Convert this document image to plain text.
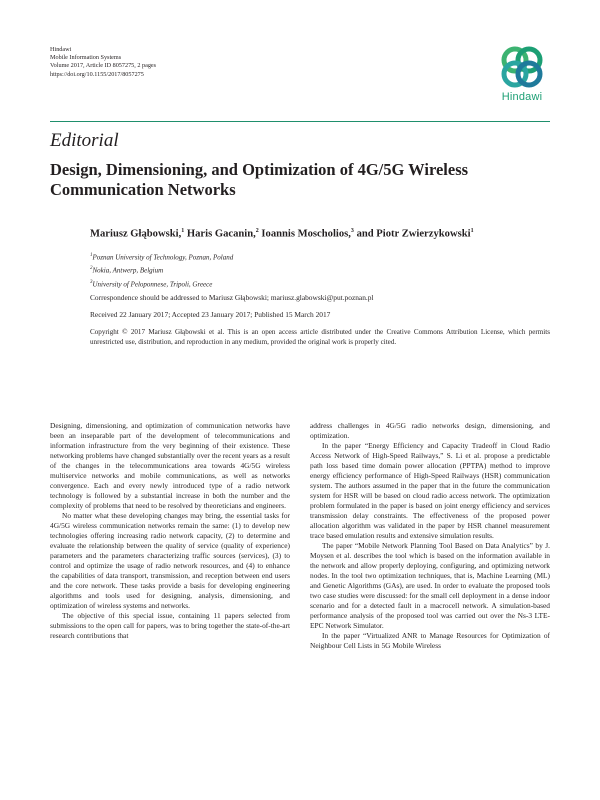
Hindawi
Mobile Information Systems
Volume 2017, Article ID 8057275, 2 pages
https://doi.org/10.1155/2017/8057275
Hindawi
Editorial
Design, Dimensioning, and Optimization of 4G/5G Wireless Communication Networks
Mariusz Głąbowski,$^1$ Haris Gacanin,$^2$ Ioannis Moscholios,$^3$ and Piotr Zwierzykowski$^1$
$^1$Poznan University of Technology, Poznan, Poland
$^2$Nokia, Antwerp, Belgium
$^3$University of Peloponnese, Tripoli, Greece
Correspondence should be addressed to Mariusz Głąbowski; mariusz.glabowski@put.poznan.pl
Received 22 January 2017; Accepted 23 January 2017; Published 15 March 2017
Copyright © 2017 Mariusz Głąbowski et al. This is an open access article distributed under the Creative Commons Attribution License, which permits unrestricted use, distribution, and reproduction in any medium, provided the original work is properly cited.

Designing, dimensioning, and optimization of communication networks have been an inseparable part of the development of telecommunications and information infrastructure from the very beginning of their existence. These networking problems have changed substantially over the recent years as a result of the changes in the telecommunications area towards 4G/5G wireless multiservice networks and mobile communications, as well as networks convergence. Each and every newly introduced type of a radio network technology is followed by a substantial increase in both the number and the complexity of problems that need to be resolved by theoreticians and engineers.

No matter what these developing changes may bring, the essential tasks for 4G/5G wireless communication networks remain the same: (1) to develop new technologies offering increasing radio network capacity, (2) to determine and evaluate the relationship between the quality of service (quality of experience) parameters and the parameters characterizing traffic sources (services), (3) to control and optimize the usage of radio network resources, and (4) to enhance the capabilities of data transport, transmission, and reception between end users and the core network. These tasks provide a basis for developing engineering algorithms and tools used for designing, analysis, dimensioning, and optimization of wireless systems and networks.

The objective of this special issue, containing 11 papers selected from submissions to the open call for papers, was to bring together the state-of-the-art research contributions that

address challenges in 4G/5G radio networks design, dimensioning, and optimization.

In the paper “Energy Efficiency and Capacity Tradeoff in Cloud Radio Access Network of High-Speed Railways,” S. Li et al. propose a predictable path loss based time domain power allocation (PPTPA) method to improve energy efficiency performance of High-Speed Railways (HSR) communication system. The authors assumed in the paper that in the future the communication system for HSR will be based on cloud radio access network. The optimization problem formulated in the paper is based on joint energy efficiency and services transmission delay constraints. The effectiveness of the proposed power allocation algorithm was validated in the paper by HSR channel measurement trace based emulation results and extensive simulation results.

The paper “Mobile Network Planning Tool Based on Data Analytics” by J. Moysen et al. describes the tool which is based on the information available in the network and allow properly deploying, configuring, and optimizing network nodes. In the tool two optimization techniques, that is, Machine Learning (ML) and Genetic Algorithms (GAs), are used. In order to evaluate the proposed tools two case studies were discussed: for the small cell deployment in a dense indoor scenario and for a detected fault in a macrocell network. A simulation-based performance analysis of the proposed tool was carried out over the Ns-3 LTE-EPC Network Simulator.

In the paper “Virtualized ANR to Manage Resources for Optimization of Neighbour Cell Lists in 5G Mobile Wireless
